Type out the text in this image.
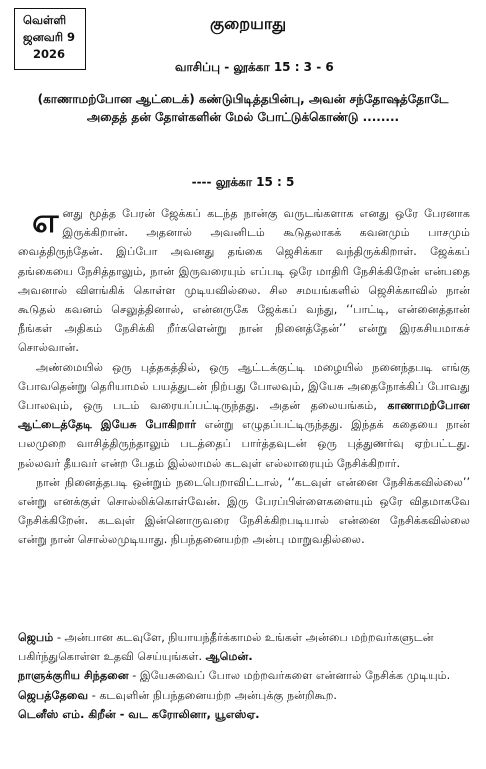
வெள்ளி
ஜனவரி 9
2026
குறையாது
வாசிப்பு - லூக்கா 15 : 3 - 6
(காணாமற்போன ஆட்டைக்) கண்டுபிடித்தபின்பு, அவன் சந்தோஷத்தோடே அதைத் தன் தோள்களின் மேல் போட்டுக்கொண்டு ........
---- லூக்கா 15 : 5

எனது மூத்த பேரன் ஜேக்கப் கடந்த நான்கு வருடங்களாக எனது ஒரே பேரனாக இருக்கிறான். அதனால் அவனிடம் கூடுதலாகக் கவனமும் பாசமும் வைத்திருந்தேன். இப்போ அவனது தங்கை ஜெசிக்கா வந்திருக்கிறாள். ஜேக்கப் தங்கையை நேசித்தாலும், நான் இருவரையும் எப்படி ஒரே மாதிரி நேசிக்கிறேன் என்பதை அவனால் விளங்கிக் கொள்ள முடியவில்லை. சில சமயங்களில் ஜெசிக்காவில் நான் கூடுதல் கவனம் செலுத்தினால், என்னருகே ஜேக்கப் வந்து, ‘‘பாட்டி, என்னைத்தான் நீங்கள் அதிகம் நேசிக்கி றீர்களென்று நான் நினைத்தேன்’’ என்று இரகசியமாகச் சொல்வான்.

அண்மையில் ஒரு புத்தகத்தில், ஒரு ஆட்டக்குட்டி மழையில் நனைந்தபடி எங்கு போவதென்று தெரியாமல் பயத்துடன் நிற்பது போலவும், இயேசு அதைநோக்கிப் போவது போலவும், ஒரு படம் வரையப்பட்டிருந்தது. அதன் தலையங்கம், காணாமற்போன ஆட்டைத்தேடி இயேசு போகிறார் என்று எழுதப்பட்டிருந்தது. இந்தக் கதையை நான் பலமுறை வாசித்திருந்தாலும் படத்தைப் பார்த்தவுடன் ஒரு புத்துணர்வு ஏற்பட்டது. நல்லவர் தீயவர் என்ற பேதம் இல்லாமல் கடவுள் எல்லாரையும் நேசிக்கிறார்.

நான் நினைத்தபடி ஒன்றும் நடைபெறாவிட்டால், ‘‘கடவுள் என்னை நேசிக்கவில்லை’’ என்று எனக்குள் சொல்லிக்கொள்வேன். இரு பேரப்பிள்ளைகளையும் ஒரே விதமாகவே நேசிக்கிறேன். கடவுள் இன்னொருவரை நேசிக்கிறபடியால் என்னை நேசிக்கவில்லை என்று நான் சொல்லமுடியாது. நிபந்தனையற்ற அன்பு மாறுவதில்லை.

ஜெபம் - அன்பான கடவுளே, நியாயந்தீர்க்காமல் உங்கள் அன்பை மற்றவர்களுடன் பகிர்ந்துகொள்ள உதவி செய்யுங்கள். ஆமென்.

நாளுக்குரிய சிந்தனை - இயேசுவைப் போல மற்றவர்களை என்னால் நேசிக்க முடியும்.

ஜெபத்தேவை - கடவுளின் நிபந்தனையற்ற அன்புக்கு நன்றிகூற.

டெனீஸ் எம். கிறீன் - வட கரோலினா, யூஎஸ்ஏ.
